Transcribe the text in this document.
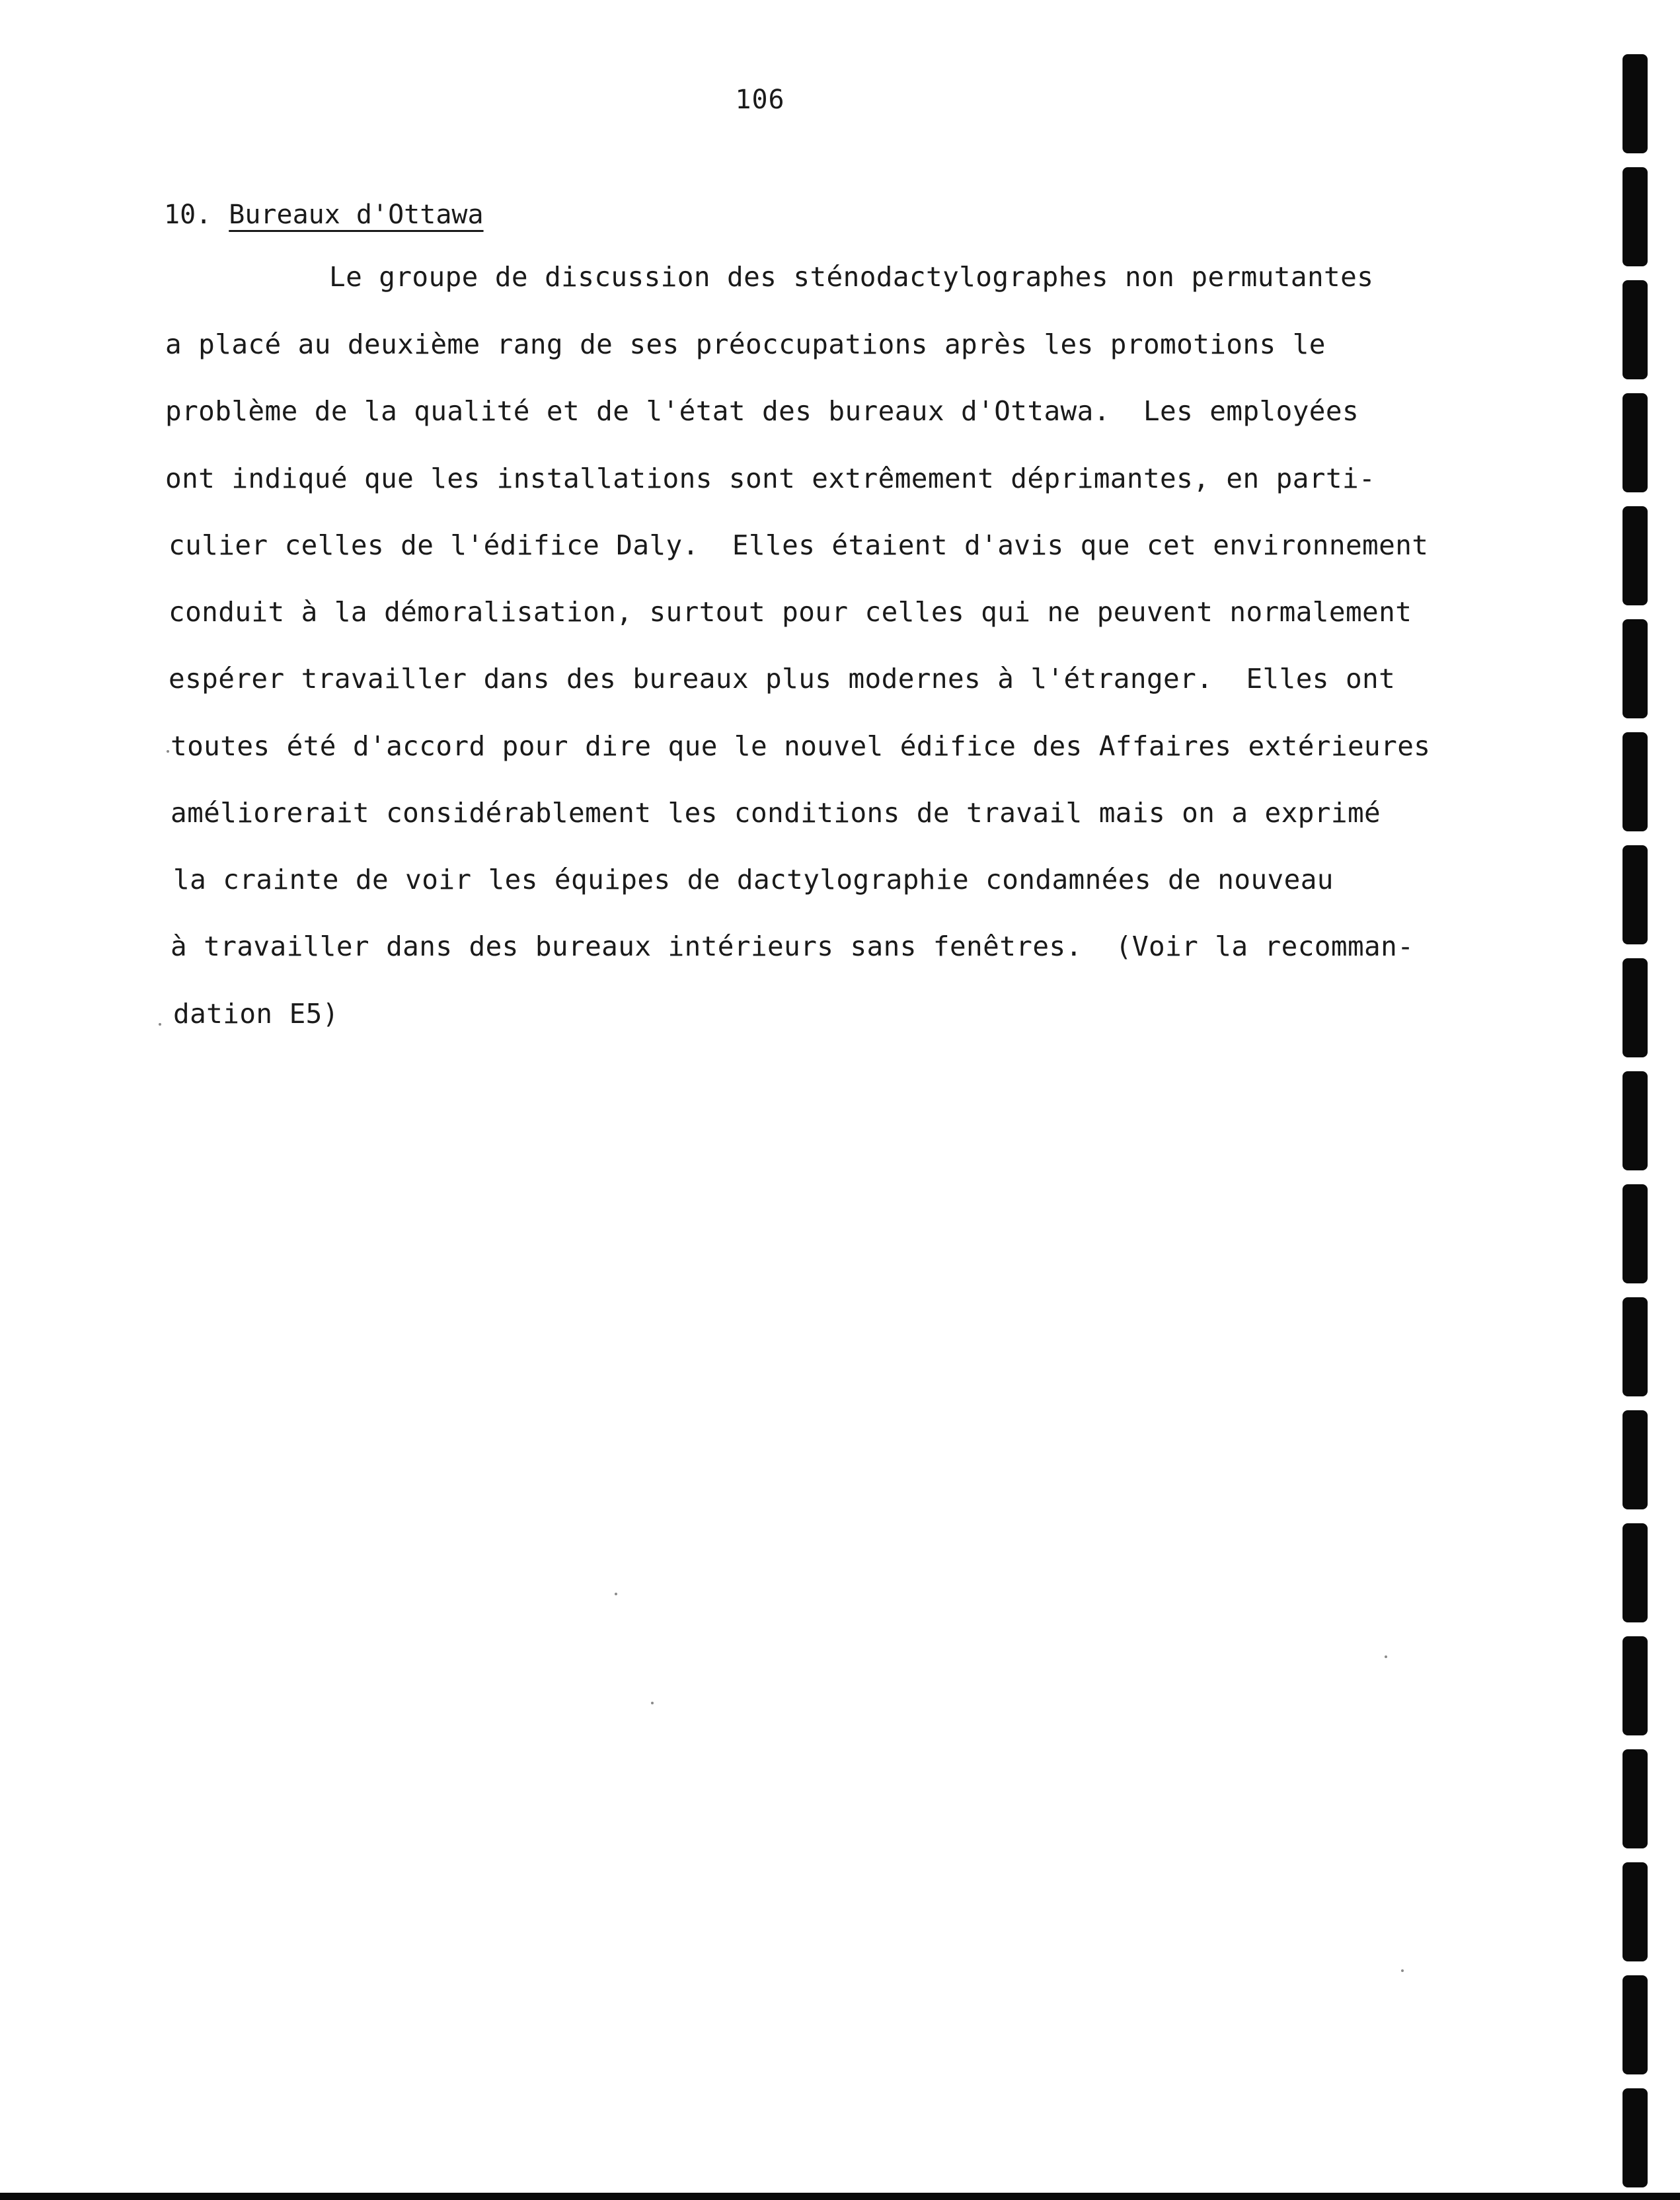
106
10. Bureaux d'Ottawa
Le groupe de discussion des sténodactylographes non permutantes
a placé au deuxième rang de ses préoccupations après les promotions le
problème de la qualité et de l'état des bureaux d'Ottawa.  Les employées
ont indiqué que les installations sont extrêmement déprimantes, en parti-
culier celles de l'édifice Daly.  Elles étaient d'avis que cet environnement
conduit à la démoralisation, surtout pour celles qui ne peuvent normalement
espérer travailler dans des bureaux plus modernes à l'étranger.  Elles ont
toutes été d'accord pour dire que le nouvel édifice des Affaires extérieures
améliorerait considérablement les conditions de travail mais on a exprimé
la crainte de voir les équipes de dactylographie condamnées de nouveau
à travailler dans des bureaux intérieurs sans fenêtres.  (Voir la recomman-
dation E5)
